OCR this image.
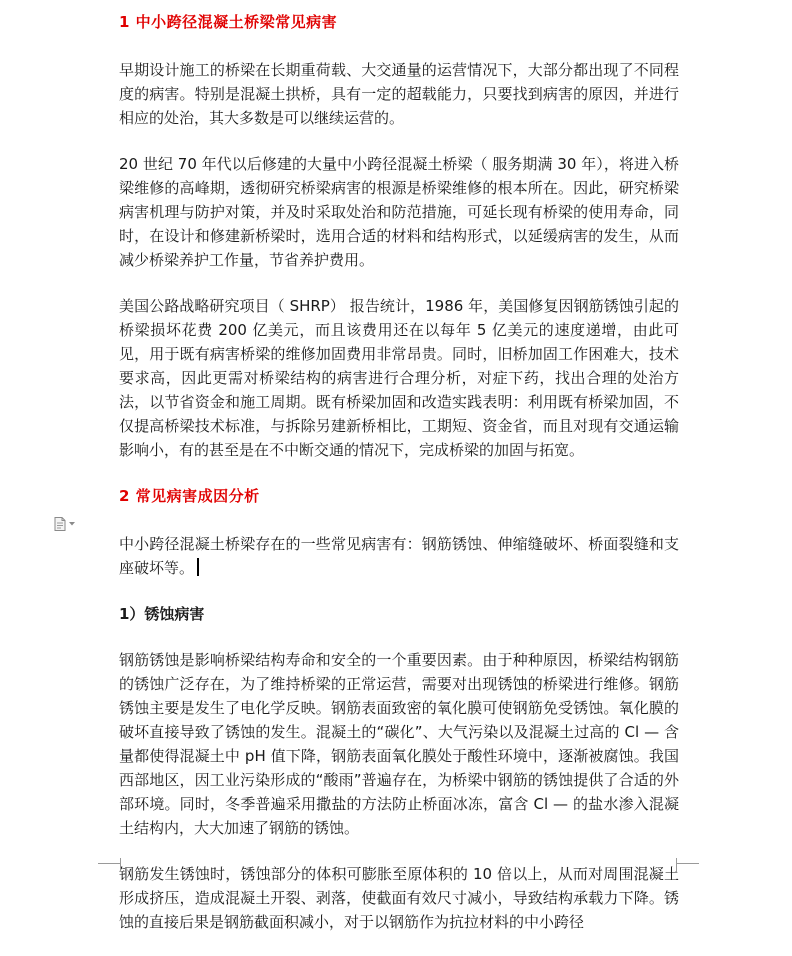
1 中小跨径混凝土桥梁常见病害

早期设计施工的桥梁在长期重荷载、大交通量的运营情况下，大部分都出现了不同程度的病害。特别是混凝土拱桥，具有一定的超载能力，只要找到病害的原因，并进行相应的处治，其大多数是可以继续运营的。

20 世纪 70 年代以后修建的大量中小跨径混凝土桥梁（ 服务期满 30 年），将进入桥梁维修的高峰期，透彻研究桥梁病害的根源是桥梁维修的根本所在。因此，研究桥梁病害机理与防护对策，并及时采取处治和防范措施，可延长现有桥梁的使用寿命，同时，在设计和修建新桥梁时，选用合适的材料和结构形式，以延缓病害的发生，从而减少桥梁养护工作量，节省养护费用。

美国公路战略研究项目（ SHRP） 报告统计，1986 年，美国修复因钢筋锈蚀引起的桥梁损坏花费 200 亿美元，而且该费用还在以每年 5 亿美元的速度递增，由此可见，用于既有病害桥梁的维修加固费用非常昂贵。同时，旧桥加固工作困难大，技术要求高，因此更需对桥梁结构的病害进行合理分析，对症下药，找出合理的处治方法，以节省资金和施工周期。既有桥梁加固和改造实践表明：利用既有桥梁加固，不仅提高桥梁技术标准，与拆除另建新桥相比，工期短、资金省，而且对现有交通运输影响小，有的甚至是在不中断交通的情况下，完成桥梁的加固与拓宽。

2 常见病害成因分析

中小跨径混凝土桥梁存在的一些常见病害有：钢筋锈蚀、伸缩缝破坏、桥面裂缝和支座破坏等。

1）锈蚀病害

钢筋锈蚀是影响桥梁结构寿命和安全的一个重要因素。由于种种原因，桥梁结构钢筋的锈蚀广泛存在，为了维持桥梁的正常运营，需要对出现锈蚀的桥梁进行维修。钢筋锈蚀主要是发生了电化学反映。钢筋表面致密的氧化膜可使钢筋免受锈蚀。氧化膜的破坏直接导致了锈蚀的发生。混凝土的“碳化”、大气污染以及混凝土过高的 Cl — 含量都使得混凝土中 pH 值下降，钢筋表面氧化膜处于酸性环境中，逐渐被腐蚀。我国西部地区，因工业污染形成的“酸雨”普遍存在，为桥梁中钢筋的锈蚀提供了合适的外部环境。同时，冬季普遍采用撒盐的方法防止桥面冰冻，富含 Cl — 的盐水渗入混凝土结构内，大大加速了钢筋的锈蚀。

钢筋发生锈蚀时，锈蚀部分的体积可膨胀至原体积的 10 倍以上，从而对周围混凝土形成挤压，造成混凝土开裂、剥落，使截面有效尺寸减小，导致结构承载力下降。锈蚀的直接后果是钢筋截面积减小，对于以钢筋作为抗拉材料的中小跨径
